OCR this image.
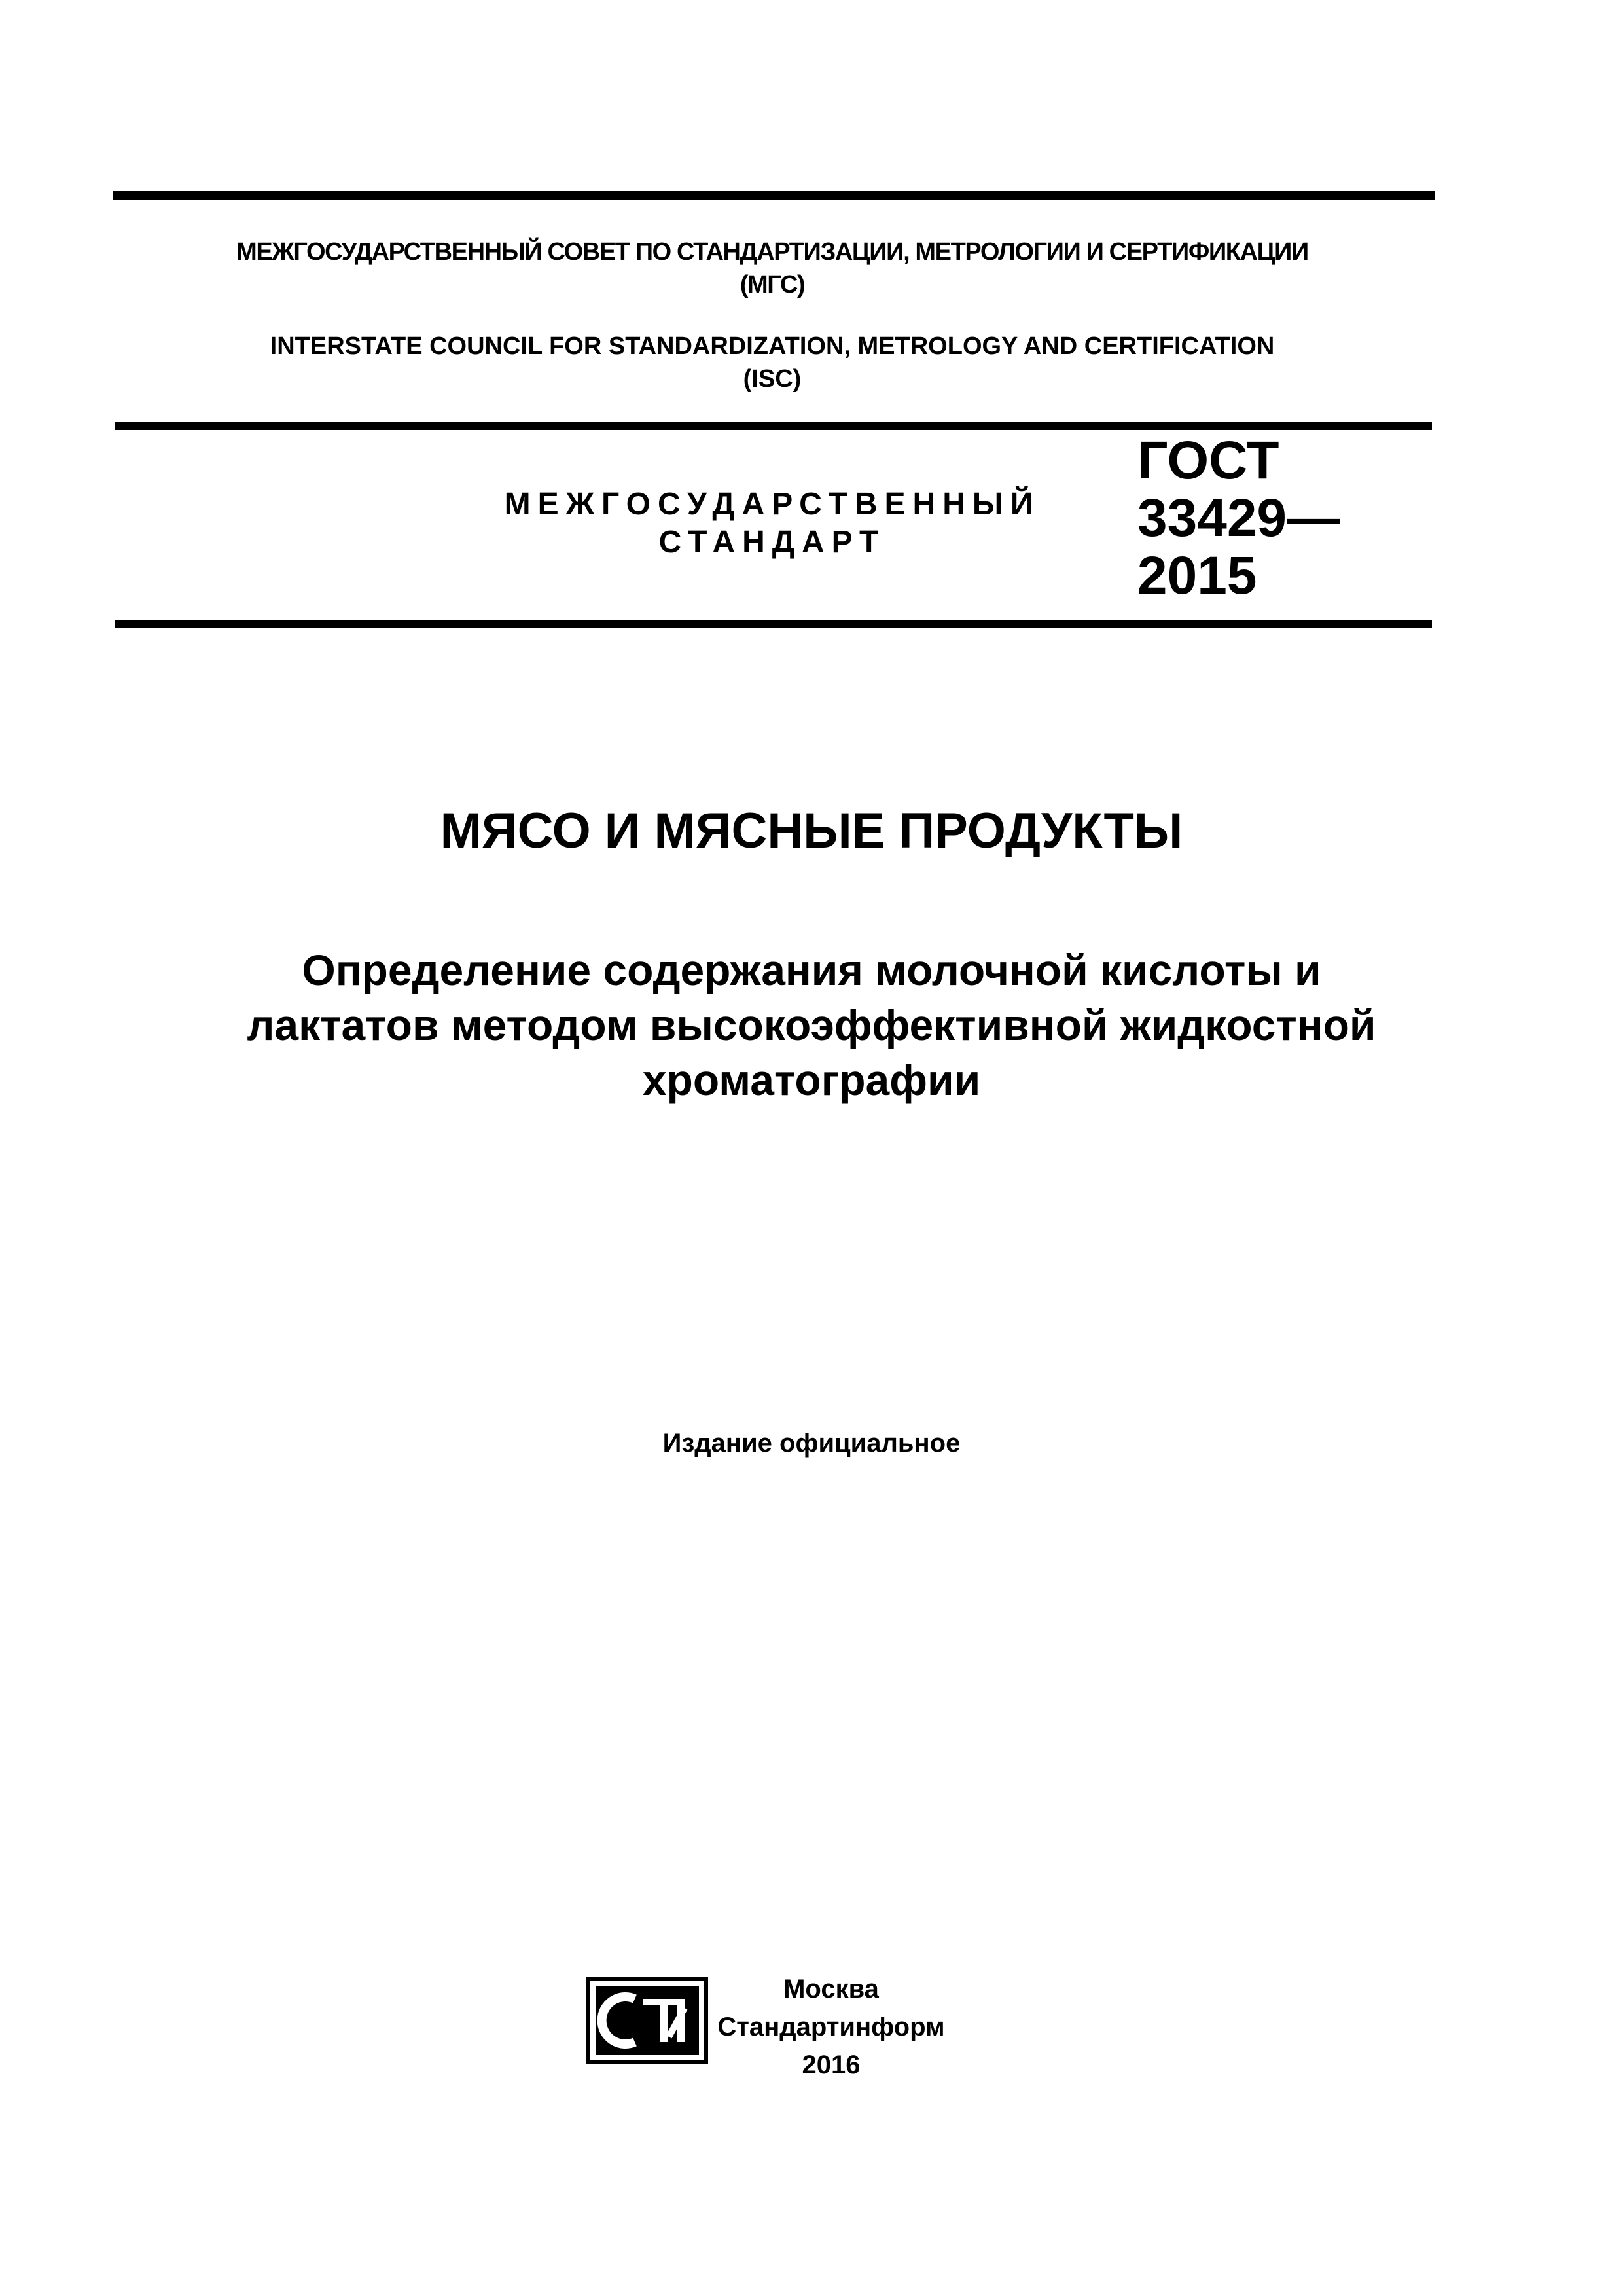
МЕЖГОСУДАРСТВЕННЫЙ СОВЕТ ПО СТАНДАРТИЗАЦИИ, МЕТРОЛОГИИ И СЕРТИФИКАЦИИ
(МГС)
INTERSTATE COUNCIL FOR STANDARDIZATION, METROLOGY AND CERTIFICATION
(ISC)
МЕЖГОСУДАРСТВЕННЫЙ
СТАНДАРТ
ГОСТ
33429—
2015
МЯСО И МЯСНЫЕ ПРОДУКТЫ
Определение содержания молочной кислоты и
лактатов методом высокоэффективной жидкостной
хроматографии
Издание официальное
Москва
Стандартинформ
2016
